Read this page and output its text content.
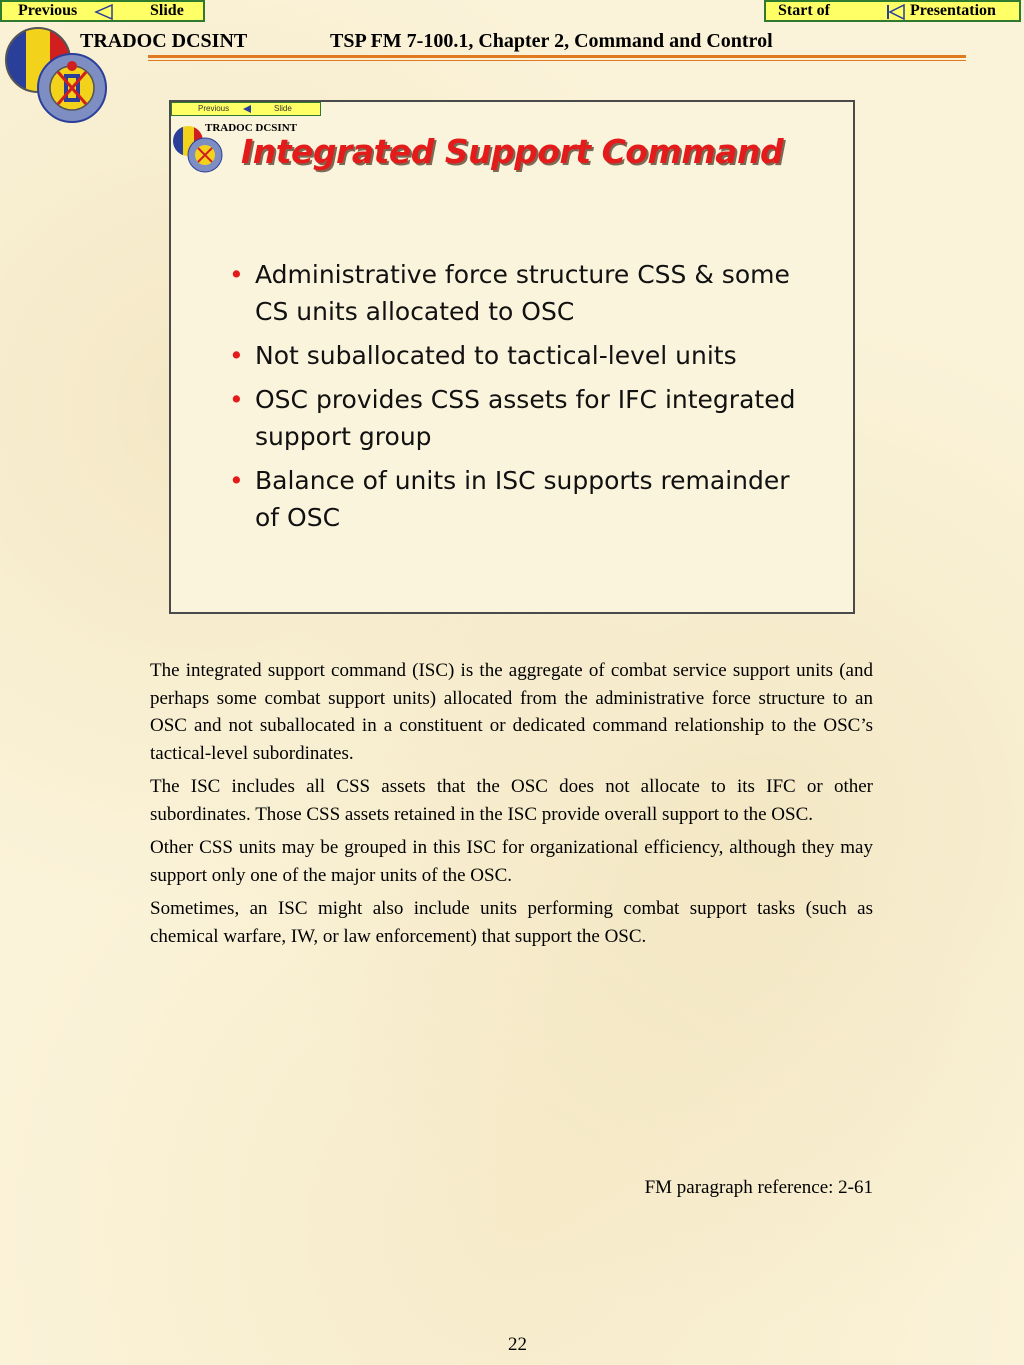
Previous	Slide	Start of	Presentation
TRADOC DCSINT	TSP FM 7-100.1, Chapter 2, Command and Control
Previous	Slide
TRADOC DCSINT
Integrated Support Command
• Administrative force structure CSS & some CS units allocated to OSC
• Not suballocated to tactical-level units
• OSC provides CSS assets for IFC integrated support group
• Balance of units in ISC supports remainder of OSC

The integrated support command (ISC) is the aggregate of combat service support units (and perhaps some combat support units) allocated from the administrative force structure to an OSC and not suballocated in a constituent or dedicated command relationship to the OSC’s tactical-level subordinates.

The ISC includes all CSS assets that the OSC does not allocate to its IFC or other subordinates. Those CSS assets retained in the ISC provide overall support to the OSC.

Other CSS units may be grouped in this ISC for organizational efficiency, although they may support only one of the major units of the OSC.

Sometimes, an ISC might also include units performing combat support tasks (such as chemical warfare, IW, or law enforcement) that support the OSC.

FM paragraph reference: 2-61
22
